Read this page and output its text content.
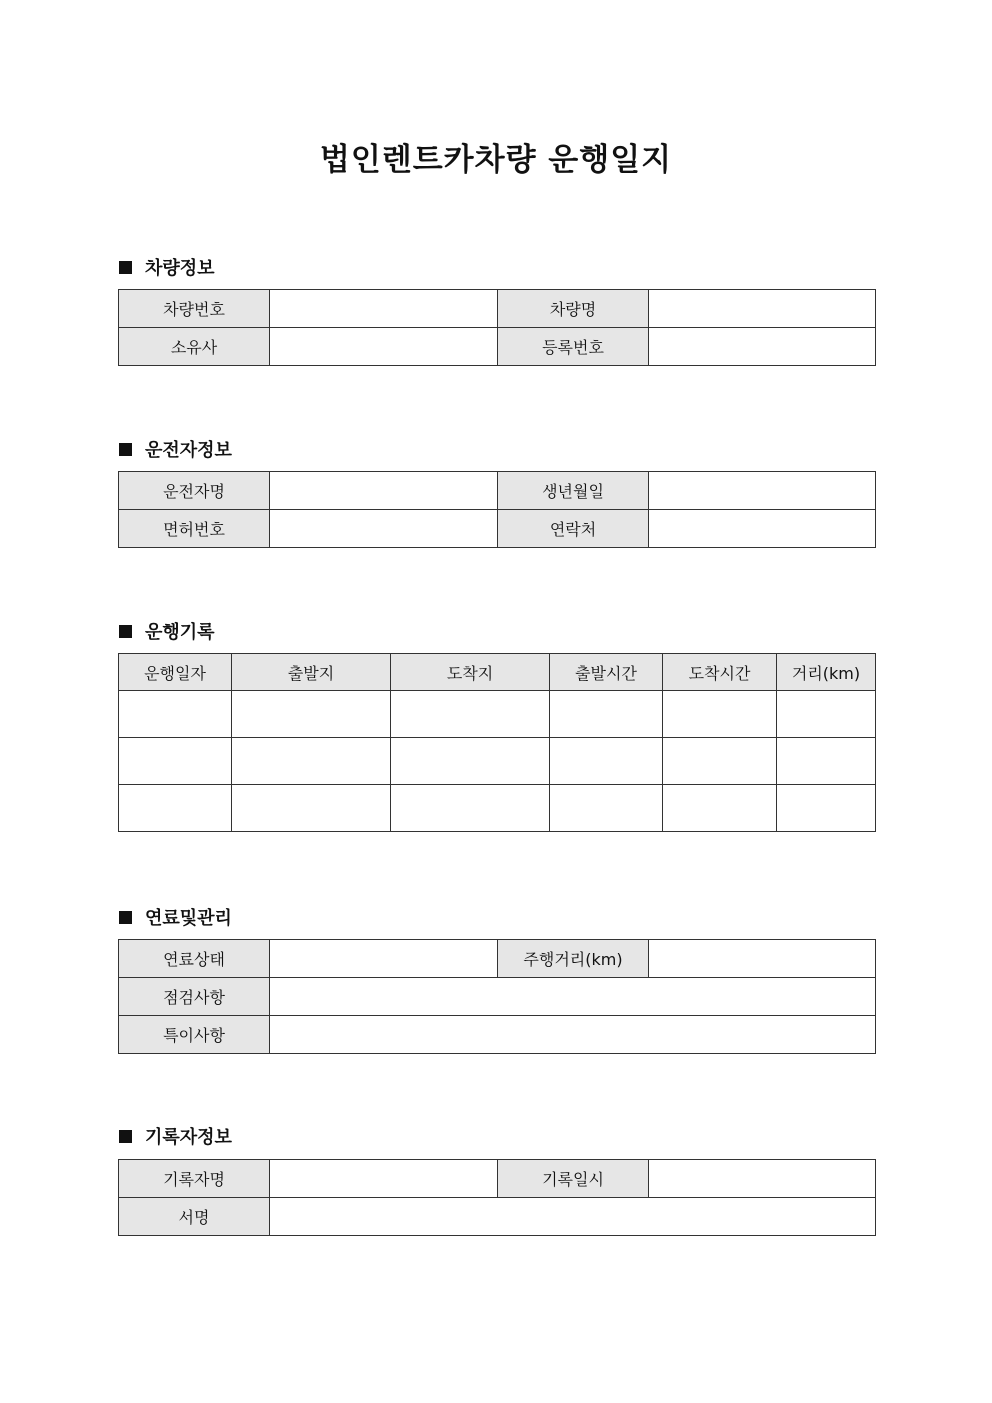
법인렌트카차량 운행일지
차량정보
차량번호		차량명	
소유사		등록번호	
운전자정보
운전자명		생년월일	
면허번호		연락처	
운행기록
운행일자	출발지	도착지	출발시간	도착시간	거리(km)

연료및관리
연료상태		주행거리(km)	
점검사항			
특이사항			
기록자정보
기록자명		기록일시	
서명			
